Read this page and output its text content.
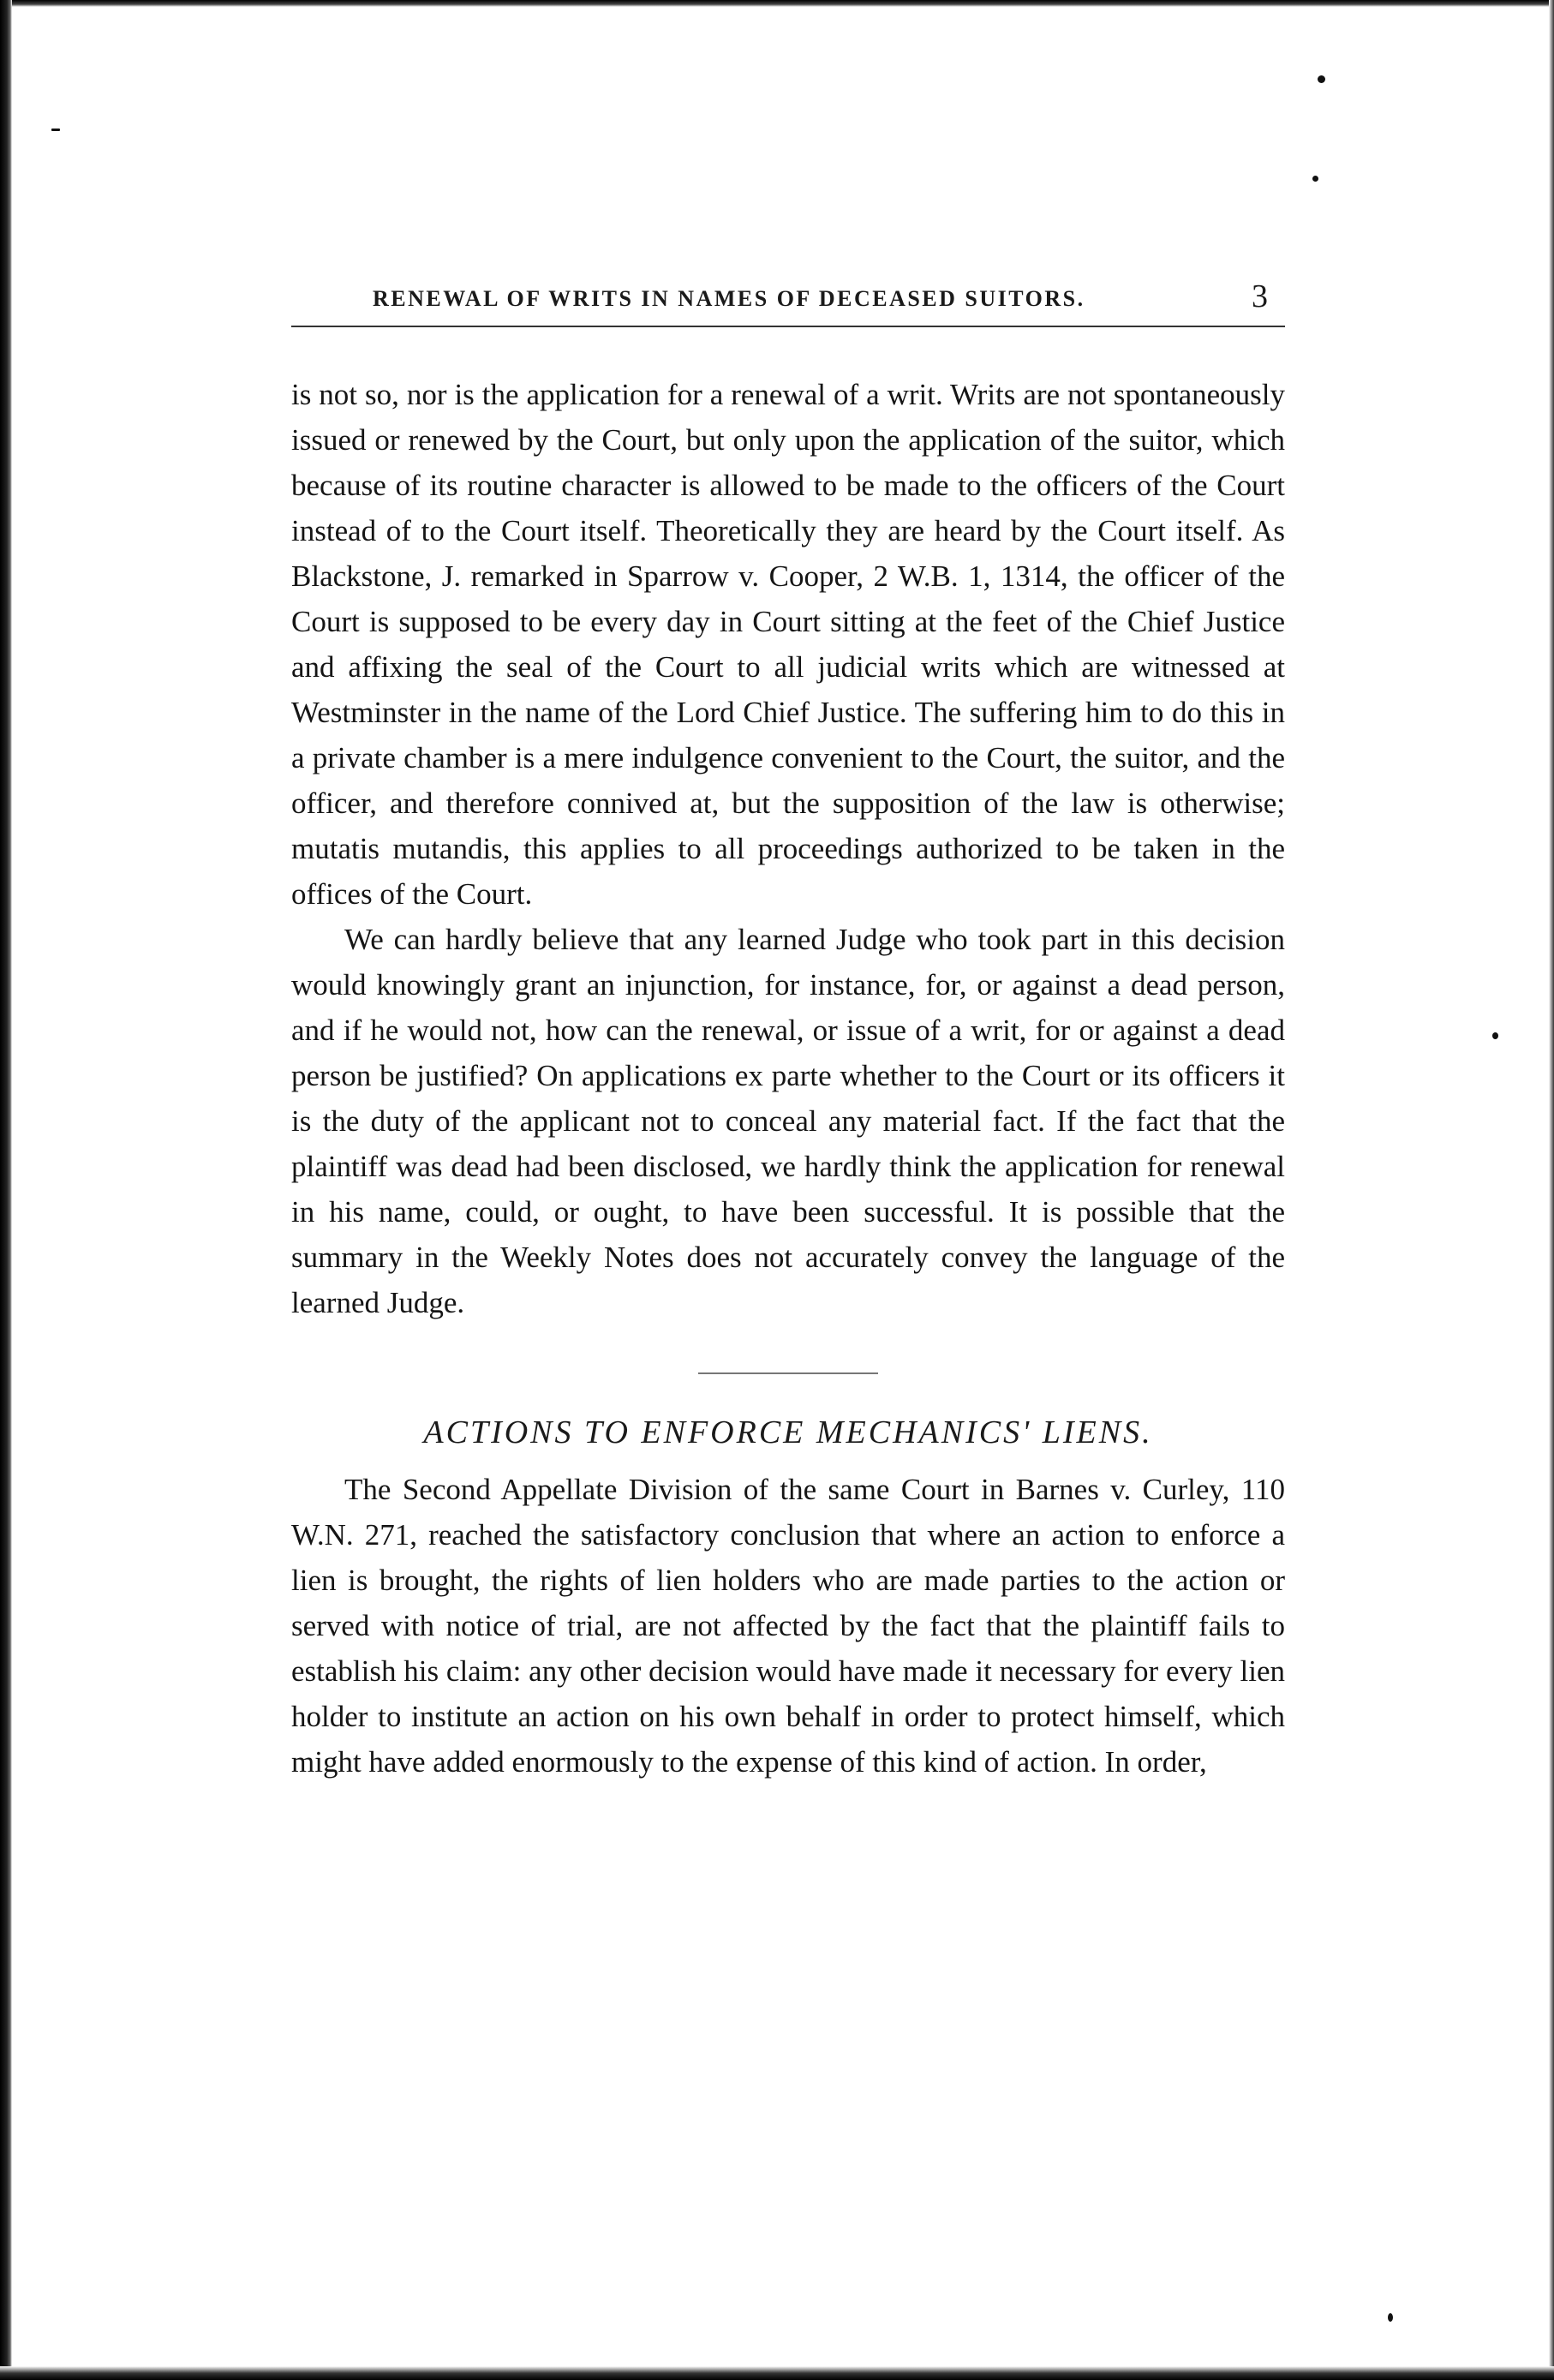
RENEWAL OF WRITS IN NAMES OF DECEASED SUITORS.	3

is not so, nor is the application for a renewal of a writ. Writs are not spontaneously issued or renewed by the Court, but only upon the application of the suitor, which because of its routine character is allowed to be made to the officers of the Court instead of to the Court itself. Theoretically they are heard by the Court itself. As Blackstone, J. remarked in Sparrow v. Cooper, 2 W.B. 1, 1314, the officer of the Court is supposed to be every day in Court sitting at the feet of the Chief Justice and affixing the seal of the Court to all judicial writs which are witnessed at Westminster in the name of the Lord Chief Justice. The suffering him to do this in a private chamber is a mere indulgence convenient to the Court, the suitor, and the officer, and therefore connived at, but the supposition of the law is otherwise; mutatis mutandis, this applies to all proceedings authorized to be taken in the offices of the Court.

We can hardly believe that any learned Judge who took part in this decision would knowingly grant an injunction, for instance, for, or against a dead person, and if he would not, how can the renewal, or issue of a writ, for or against a dead person be justified? On applications ex parte whether to the Court or its officers it is the duty of the applicant not to conceal any material fact. If the fact that the plaintiff was dead had been disclosed, we hardly think the application for renewal in his name, could, or ought, to have been successful. It is possible that the summary in the Weekly Notes does not accurately convey the language of the learned Judge.

ACTIONS TO ENFORCE MECHANICS' LIENS.

The Second Appellate Division of the same Court in Barnes v. Curley, 110 W.N. 271, reached the satisfactory conclusion that where an action to enforce a lien is brought, the rights of lien holders who are made parties to the action or served with notice of trial, are not affected by the fact that the plaintiff fails to establish his claim: any other decision would have made it necessary for every lien holder to institute an action on his own behalf in order to protect himself, which might have added enormously to the expense of this kind of action. In order,
